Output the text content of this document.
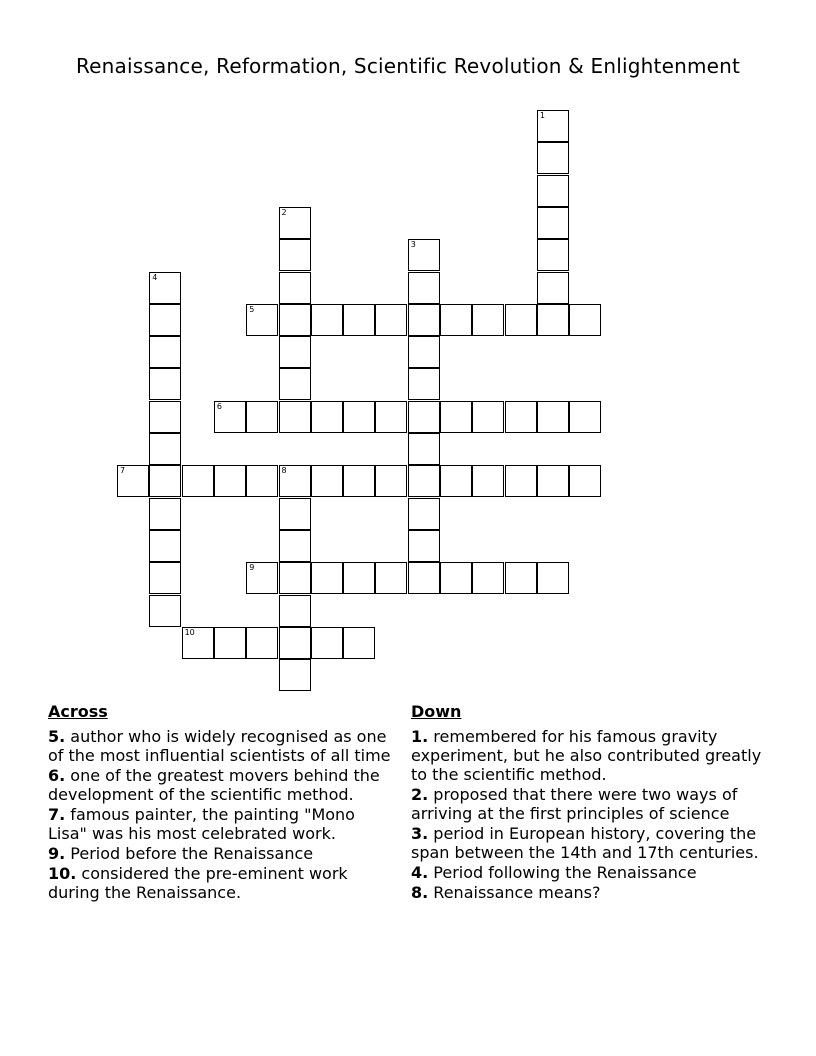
Renaissance, Reformation, Scientific Revolution & Enlightenment
1
2
3
4
5
6
7	8
9
10
Across
5 . author who is widely recognised as one of the most influential scientists of all time
6 . one of the greatest movers behind the development of the scientific method.
7 . famous painter, the painting "Mono Lisa" was his most celebrated work.
9 . Period before the Renaissance
10 . considered the pre-eminent work during the Renaissance.
Down
1 . remembered for his famous gravity experiment, but he also contributed greatly to the scientific method.
2 . proposed that there were two ways of arriving at the first principles of science
3 . period in European history, covering the span between the 14th and 17th centuries.
4 . Period following the Renaissance
8 . Renaissance means?
